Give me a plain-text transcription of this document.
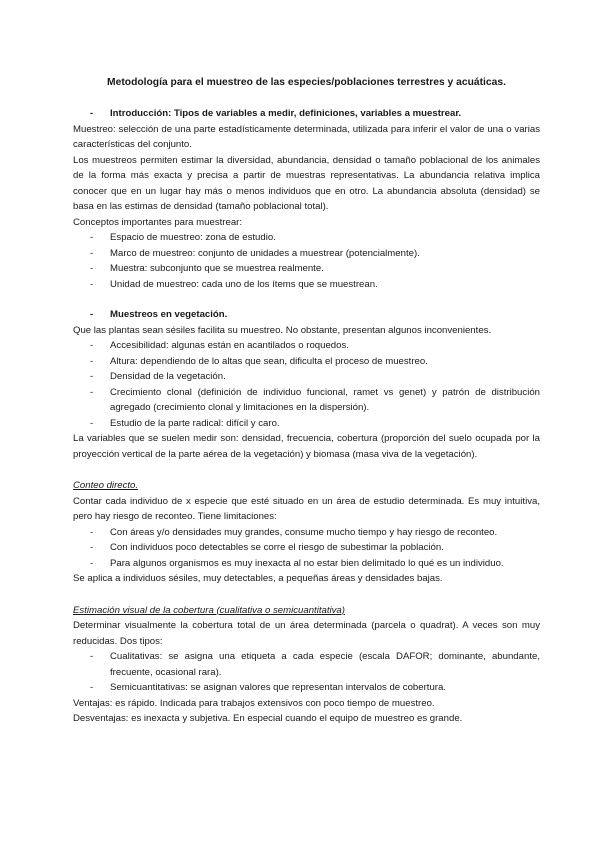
Metodología para el muestreo de las especies/poblaciones terrestres y acuáticas.
- Introducción: Tipos de variables a medir, definiciones, variables a muestrear.

Muestreo: selección de una parte estadísticamente determinada, utilizada para inferir el valor de una o varias características del conjunto.

Los muestreos permiten estimar la diversidad, abundancia, densidad o tamaño poblacional de los animales de la forma más exacta y precisa a partir de muestras representativas. La abundancia relativa implica conocer que en un lugar hay más o menos individuos que en otro. La abundancia absoluta (densidad) se basa en las estimas de densidad (tamaño poblacional total).

Conceptos importantes para muestrear:

- Espacio de muestreo: zona de estudio.
- Marco de muestreo: conjunto de unidades a muestrear (potencialmente).
- Muestra: subconjunto que se muestrea realmente.
- Unidad de muestreo: cada uno de los ítems que se muestrean.
- Muestreos en vegetación.

Que las plantas sean sésiles facilita su muestreo. No obstante, presentan algunos inconvenientes.

- Accesibilidad: algunas están en acantilados o roquedos.
- Altura: dependiendo de lo altas que sean, dificulta el proceso de muestreo.
- Densidad de la vegetación.
- Crecimiento clonal (definición de individuo funcional, ramet vs genet) y patrón de distribución agregado (crecimiento clonal y limitaciones en la dispersión).
- Estudio de la parte radical: difícil y caro.

La variables que se suelen medir son: densidad, frecuencia, cobertura (proporción del suelo ocupada por la proyección vertical de la parte aérea de la vegetación) y biomasa (masa viva de la vegetación).

Conteo directo.

Contar cada individuo de x especie que esté situado en un área de estudio determinada. Es muy intuitiva, pero hay riesgo de reconteo. Tiene limitaciones:

- Con áreas y/o densidades muy grandes, consume mucho tiempo y hay riesgo de reconteo.
- Con individuos poco detectables se corre el riesgo de subestimar la población.
- Para algunos organismos es muy inexacta al no estar bien delimitado lo qué es un individuo.

Se aplica a individuos sésiles, muy detectables, a pequeñas áreas y densidades bajas.

Estimación visual de la cobertura (cualitativa o semicuantitativa)

Determinar visualmente la cobertura total de un área determinada (parcela o quadrat). A veces son muy reducidas. Dos tipos:

- Cualitativas: se asigna una etiqueta a cada especie (escala DAFOR; dominante, abundante, frecuente, ocasional rara).
- Semicuantitativas: se asignan valores que representan intervalos de cobertura.

Ventajas: es rápido. Indicada para trabajos extensivos con poco tiempo de muestreo.

Desventajas: es inexacta y subjetiva. En especial cuando el equipo de muestreo es grande.
